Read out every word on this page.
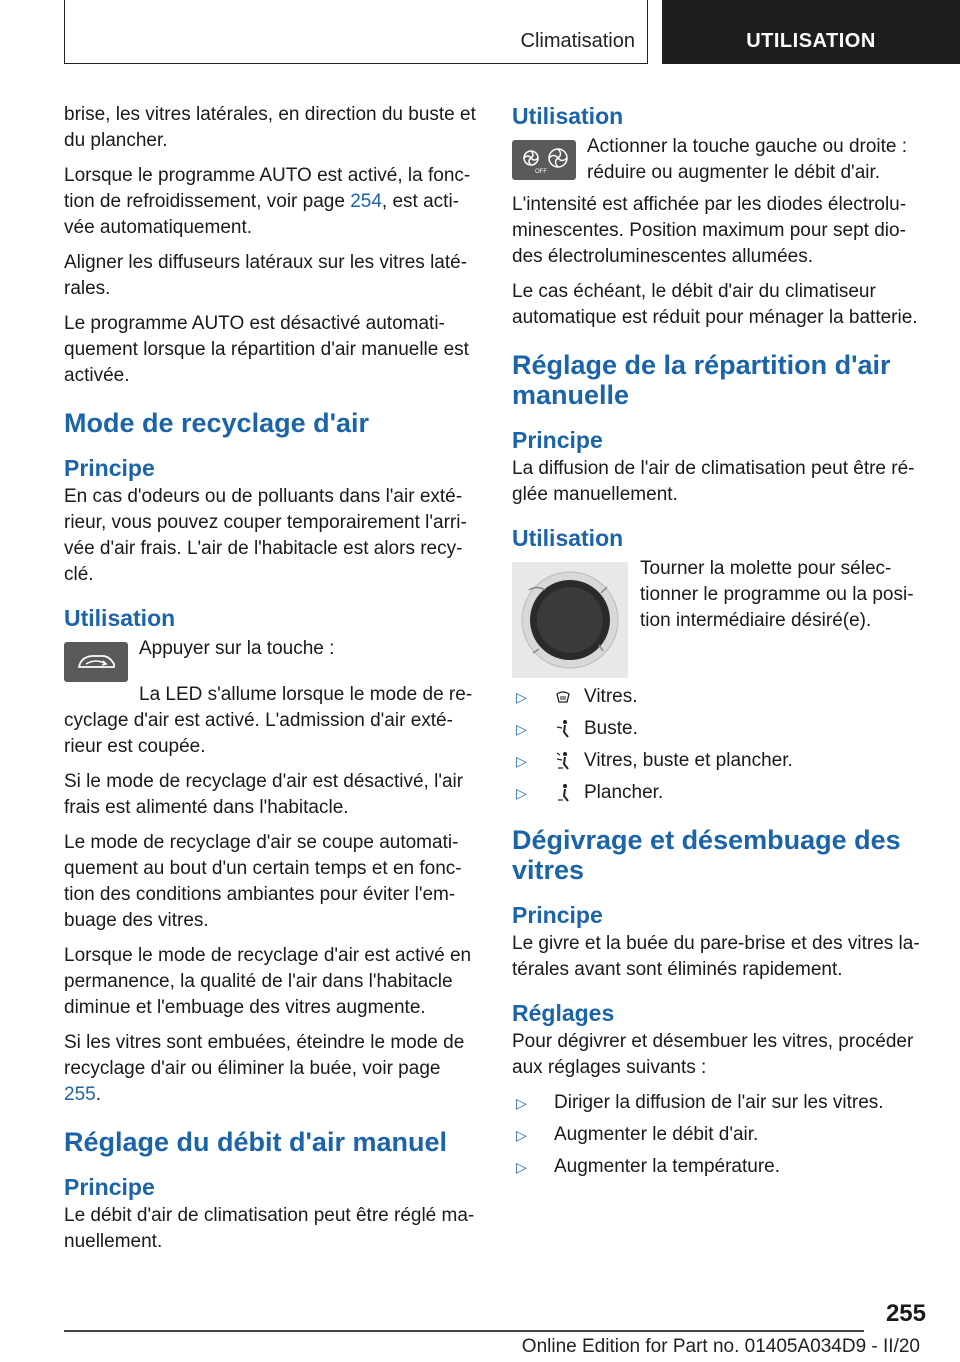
Climatisation	UTILISATION

brise, les vitres latérales, en direction du buste et du plancher.

Lorsque le programme AUTO est activé, la fonction de refroidissement, voir page 254, est activée automatiquement.

Aligner les diffuseurs latéraux sur les vitres latérales.

Le programme AUTO est désactivé automatiquement lorsque la répartition d'air manuelle est activée.

Mode de recyclage d'air
Principe

En cas d'odeurs ou de polluants dans l'air extérieur, vous pouvez couper temporairement l'arrivée d'air frais. L'air de l'habitacle est alors recyclé.

Utilisation

Appuyer sur la touche :

La LED s'allume lorsque le mode de recyclage d'air est activé. L'admission d'air extérieur est coupée.

Si le mode de recyclage d'air est désactivé, l'air frais est alimenté dans l'habitacle.

Le mode de recyclage d'air se coupe automatiquement au bout d'un certain temps et en fonction des conditions ambiantes pour éviter l'embuage des vitres.

Lorsque le mode de recyclage d'air est activé en permanence, la qualité de l'air dans l'habitacle diminue et l'embuage des vitres augmente.

Si les vitres sont embuées, éteindre le mode de recyclage d'air ou éliminer la buée, voir page 255.

Réglage du débit d'air manuel
Principe

Le débit d'air de climatisation peut être réglé manuellement.

Utilisation
OFF

Actionner la touche gauche ou droite : réduire ou augmenter le débit d'air.

L'intensité est affichée par les diodes électroluminescentes. Position maximum pour sept diodes électroluminescentes allumées.

Le cas échéant, le débit d'air du climatiseur automatique est réduit pour ménager la batterie.

Réglage de la répartition d'air manuelle
Principe

La diffusion de l'air de climatisation peut être réglée manuellement.

Utilisation

Tourner la molette pour sélectionner le programme ou la position intermédiaire désiré(e).

▷	Vitres.
▷	Buste.
▷	Vitres, buste et plancher.
▷	Plancher.
Dégivrage et désembuage des vitres
Principe

Le givre et la buée du pare-brise et des vitres latérales avant sont éliminés rapidement.

Réglages

Pour dégivrer et désembuer les vitres, procéder aux réglages suivants :

▷	Diriger la diffusion de l'air sur les vitres.
▷	Augmenter le débit d'air.
▷	Augmenter la température.
255
Online Edition for Part no. 01405A034D9 - II/20
